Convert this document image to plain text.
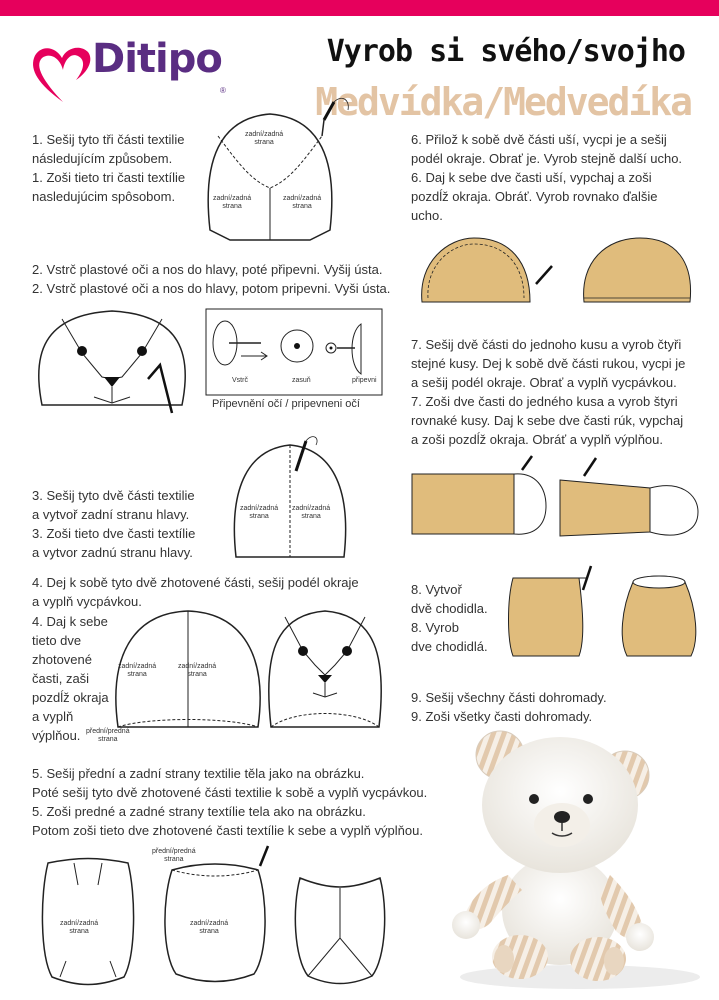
Ditipo
®
Vyrob si svého/svojho
Medvídka/Medvedíka
1. Sešij tyto tři části textilie
následujícím způsobem.
1. Zoši tieto tri časti textílie
nasledujúcim spôsobom.
zadní/zadná
strana
zadní/zadná
strana
zadní/zadná
strana
2. Vstrč plastové oči a nos do hlavy, poté připevni. Vyšij ústa.
2. Vstrč plastové oči a nos do hlavy, potom pripevni. Vyši ústa.
Vstrč	zasuň	připevni
Připevnění očí / pripevneni očí
3. Sešij tyto dvě části textilie
a vytvoř zadní stranu hlavy.
3. Zoši tieto dve časti textílie
a vytvor zadnú stranu hlavy.
zadní/zadná
strana
zadní/zadná
strana
4. Dej k sobě tyto dvě zhotovené části, sešij podél okraje
a vyplň vycpávkou.
4. Daj k sebe
tieto dve
zhotovené
časti, zaši
pozdĺž okraja
a vyplň
výplňou.
zadní/zadná
strana
zadní/zadná
strana
přední/predná
strana
5. Sešij přední a zadní strany textilie těla jako na obrázku.
Poté sešij tyto dvě zhotovené části textilie k sobě a vyplň vycpávkou.
5. Zoši predné a zadné strany textílie tela ako na obrázku.
Potom zoši tieto dve zhotovené časti textílie k sebe a vyplň výplňou.
zadní/zadná
strana
přední/predná
strana
zadní/zadná
strana
6. Přilož k sobě dvě části uší, vycpi je a sešij
podél okraje. Obrať je. Vyrob stejně další ucho.
6. Daj k sebe dve časti uší, vypchaj a zoši
pozdĺž okraja. Obráť. Vyrob rovnako ďalšie
ucho.
7. Sešij dvě části do jednoho kusu a vyrob čtyři
stejné kusy. Dej k sobě dvě části rukou, vycpi je
a sešij podél okraje. Obrať a vyplň vycpávkou.
7. Zoši dve časti do jedného kusa a vyrob štyri
rovnaké kusy. Daj k sebe dve časti rúk, vypchaj
a zoši pozdĺž okraja. Obráť a vyplň výplňou.
8. Vytvoř
dvě chodidla.
8. Vyrob
dve chodidlá.
9. Sešij všechny části dohromady.
9. Zoši všetky časti dohromady.
